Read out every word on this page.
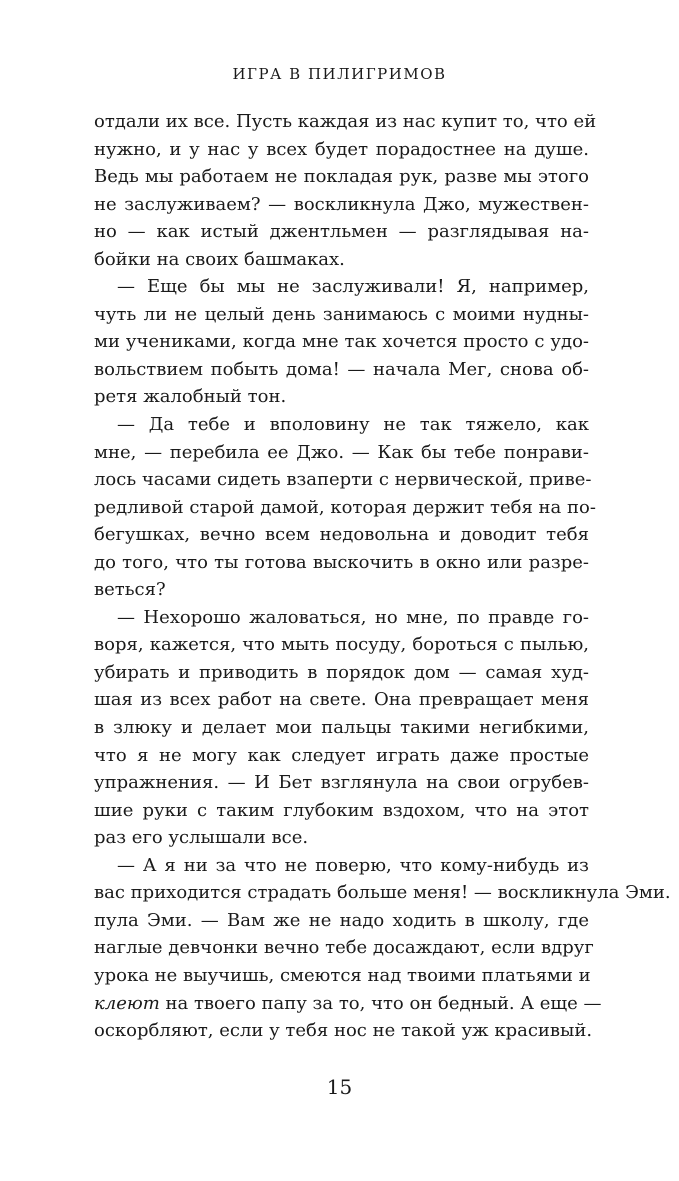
ИГРА В ПИЛИГРИМОВ
отдали их все. Пусть каждая из нас купит то, что ей
нужно, и у нас у всех будет порадостнее на душе.
Ведь мы работаем не покладая рук, разве мы этого
не заслуживаем? — воскликнула Джо, мужествен-
но — как истый джентльмен — разглядывая на-
бойки на своих башмаках.
— Еще бы мы не заслуживали! Я, например,
чуть ли не целый день занимаюсь с моими нудны-
ми учениками, когда мне так хочется просто с удо-
вольствием побыть дома! — начала Мег, снова об-
ретя жалобный тон.
— Да тебе и вполовину не так тяжело, как
мне, — перебила ее Джо. — Как бы тебе понрави-
лось часами сидеть взаперти с нервической, приве-
редливой старой дамой, которая держит тебя на по-
бегушках, вечно всем недовольна и доводит тебя
до того, что ты готова выскочить в окно или разре-
веться?
— Нехорошо жаловаться, но мне, по правде го-
воря, кажется, что мыть посуду, бороться с пылью,
убирать и приводить в порядок дом — самая худ-
шая из всех работ на свете. Она превращает меня
в злюку и делает мои пальцы такими негибкими,
что я не могу как следует играть даже простые
упражнения. — И Бет взглянула на свои огрубев-
шие руки с таким глубоким вздохом, что на этот
раз его услышали все.
— А я ни за что не поверю, что кому-нибудь из
вас приходится страдать больше меня! — воскликнула Эми.
пула Эми. — Вам же не надо ходить в школу, где
наглые девчонки вечно тебе досаждают, если вдруг
урока не выучишь, смеются над твоими платьями и
клеют на твоего папу за то, что он бедный. А еще —
оскорбляют, если у тебя нос не такой уж красивый.
15
